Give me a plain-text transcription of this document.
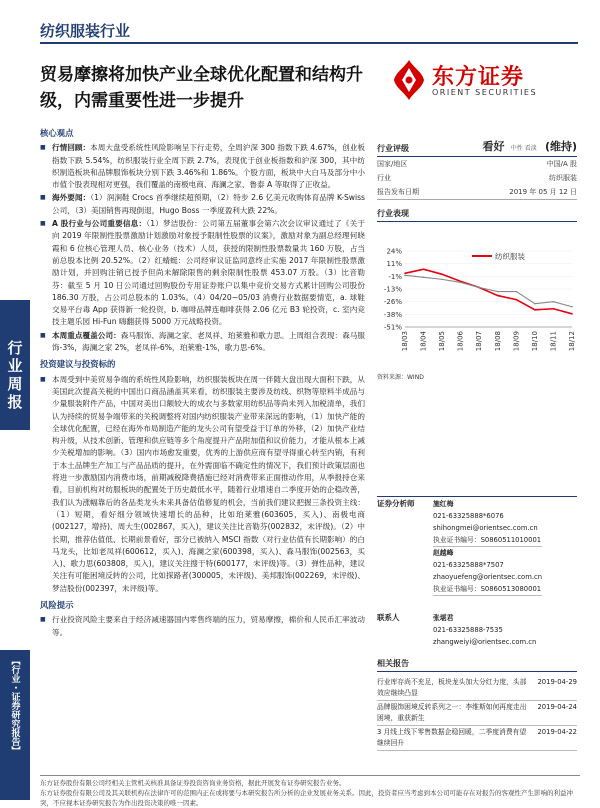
纺织服装行业
贸易摩擦将加快产业全球优化配置和结构升级，内需重要性进一步提升
东方证券
ORIENT SECURITIES
行业周报
【行业・证券研究报告】
核心观点
■ 行情回顾：本周大盘受系统性风险影响呈下行走势，全周沪深 300 指数下跌 4.67%，创业板指数下跌 5.54%，纺织服装行业全周下跌 2.7%，表现优于创业板指数和沪深 300，其中纺织制造板块和品牌服饰板块分别下跌 3.46%和 1.86%。个股方面，板块中大白马及部分中小市值个股表现相对更强，我们覆盖的南极电商、海澜之家、鲁泰 A 等取得了正收益。
■ 海外要闻：（1）润涧鞋 Crocs 首季继续超预期，（2）特步 2.6 亿美元收购体育品牌 K-Swiss 公司，（3）美国销售再现倒退，Hugo Boss 一季度盈利大跌 22%。
■ A 股行业与公司重要信息：（1）梦洁股份：公司第五届董事会第六次会议审议通过了《关于向 2019 年限制性股票激励计划激励对象授予限制性股票的议案》，激励对象为副总经理何晓霞和 6 位核心管理人员、核心业务（技术）人员，获授的限制性股票数量共 160 万股，占当前总股本比例 20.52%。（2）红蜻蜓：公司经审议证监同意终止实施 2017 年限制性股票激励计划，并回购注销已授予但尚未解除限售的剩余限制性股票 453.07 万股。（3）比音勒芬：截至 5 月 10 日公司通过回购股份专用证券账户以集中竞价交易方式累计回购公司股份 186.30 万股，占公司总股本的 1.03%。（4）04/20~05/03 消费行业数据要情览，a. 球鞋交易平台毒 App 获得新一轮投资，b. 咖啡品牌连咖啡获得 2.06 亿元 B3 轮投资，c. 室内竞技主题乐园 Hi-Fun 嗨翻获得 5000 万元战略投资。
■ 本周重点覆盖公司：森马服饰、海澜之家、老凤祥、珀莱雅和歌力思。上周组合表现：森马服饰-3%，海澜之家 2%，老凤祥-6%，珀莱雅-1%，歌力思-6%。
投资建议与投资标的
■ 本周受到中美贸易争端的系统性风险影响，纺织服装板块在周一伴随大盘出现大面积下跌，从美国此次提高关税的中国出口商品涵盖其来看，纺织服装主要涉及纺线、织物等原料半成品与少量服装附件产品，中国对美出口额较大的成衣与多数家用纺织品等尚未列入加税清单，我们认为持续的贸易争端带来的关税调整将对国内纺织服装产业带来深远的影响，（1）加快产能的全球优化配置，已经在海外布局制造产能的龙头公司有望受益于订单的外移，（2）加快产业结构升级，从技术创新、管理和供应链等多个角度提升产品附加值和议价能力，才能从根本上减少关税增加的影响。（3）国内市场愈发重要，优秀的上游供应商有望寻得重心转至内销，有利于本土品牌生产加工与产品品质的提升，在外需面临不确定性的情况下，我们预计政策层面也将进一步激励国内消费市场，前期减税降费措施已经对消费带来正面推动作用，从季报持仓来看，目前机构对纺服板块的配置处于历史最低水平，随着行业增速自二季度开始的企稳改善，我们认为涨幅靠后的各品类龙头未来具备估值修复的机会，当前我们建议把握三条投资主线：（1）短期，看好细分领域快速增长的品种，比如珀莱雅(603605，买入)、南极电商(002127，增持)、周大生(002867，买入)，建议关注比音勒芬(002832，未评级)。（2）中长期，推荐估值低、长期前景看好，部分已被纳入 MSCI 指数（对行业估值有长期影响）的白马龙头，比如老凤祥(600612，买入)、海澜之家(600398，买入)、森马服饰(002563，买入)、歌力思(603808，买入)，建议关注搜于特(600177，未评级)等。（3）弹性品种，建议关注有可能困境反转的公司，比如探路者(300005，未评级)、美邦服饰(002269，未评级)、梦洁股份(002397，未评级)等。
风险提示
■ 行业投资风险主要来自于经济减速器国内零售终端的压力，贸易摩擦，棉价和人民币汇率波动等。
行业评级	看好 中性 看淡 (维持)
国家/地区	中国/A 股
行业	纺织服装
报告发布日期	2019 年 05 月 12 日
行业表现
24%
11%
-1%
-13%
-26%
-38%
-51%
18/03 18/04 18/05 18/06 18/07 18/08 18/09 18/10 18/11 18/12
纺织服装
资料来源：WIND
证券分析师	施红梅
021-63325888*6076
shihongmei@orientsec.com.cn
执业证书编号：S0860511010001
赵越峰
021-63325888*7507
zhaoyuefeng@orientsec.com.cn
执业证书编号：S0860513080001
联系人	张堪君
021-63325888-7535
zhangweiyi@orientsec.com.cn
相关报告
行业库存尚不充足，板块龙头加大分红力度，头部效应继续凸显
2019-04-29
品牌服饰困境反转系列之一：李维斯如何再度走出困境，重获新生
2019-04-24
3 月线上线下零售数据企稳回暖，二季度消费有望继续回升
2019-04-22
东方证券股份有限公司经相关主管机关核准具备证券投资咨询业务资格，据此开展发布证券研究报告业务。
东方证券股份有限公司及其关联机构在法律许可的范围内正在或将要与本研究报告所分析的企业发展业务关系。因此，投资者应当考虑到本公司可能存在对报告的客观性产生影响的利益冲突，不应视本证券研究报告为作出投资决策的唯一因素。
